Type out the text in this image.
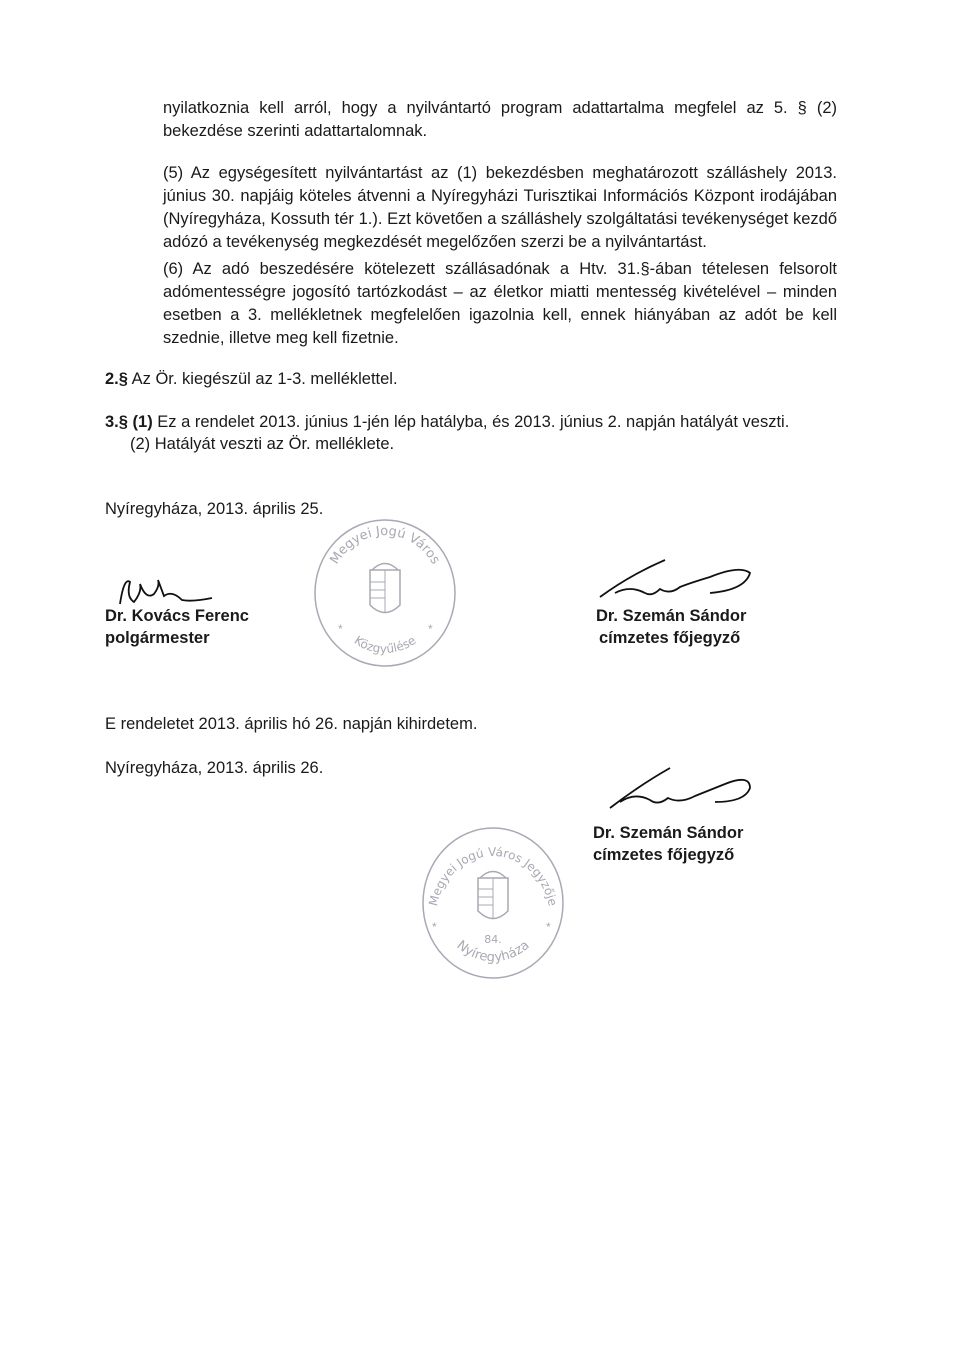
nyilatkoznia kell arról, hogy a nyilvántartó program adattartalma megfelel az 5. § (2) bekezdése szerinti adattartalomnak.
(5) Az egységesített nyilvántartást az (1) bekezdésben meghatározott szálláshely 2013. június 30. napjáig köteles átvenni a Nyíregyházi Turisztikai Információs Központ irodájában (Nyíregyháza, Kossuth tér 1.). Ezt követően a szálláshely szolgáltatási tevékenységet kezdő adózó a tevékenység megkezdését megelőzően szerzi be a nyilvántartást.
(6) Az adó beszedésére kötelezett szállásadónak a Htv. 31.§-ában tételesen felsorolt adómentességre jogosító tartózkodást – az életkor miatti mentesség kivételével – minden esetben a 3. mellékletnek megfelelően igazolnia kell, ennek hiányában az adót be kell szednie, illetve meg kell fizetnie.
2.§ Az Ör. kiegészül az 1-3. melléklettel.
3.§ (1) Ez a rendelet 2013. június 1-jén lép hatályba, és 2013. június 2. napján hatályát veszti.
(2) Hatályát veszti az Ör. melléklete.
Nyíregyháza, 2013. április 25.
Megyei Jogú Város
Közgyűlése
*	*
Dr. Kovács Ferenc
polgármester
Dr. Szemán Sándor
címzetes főjegyző
E rendeletet 2013. április hó 26. napján kihirdetem.
Nyíregyháza, 2013. április 26.
Dr. Szemán Sándor
címzetes főjegyző
Megyei Jogú Város Jegyzője
Nyíregyháza
84.
*	*
